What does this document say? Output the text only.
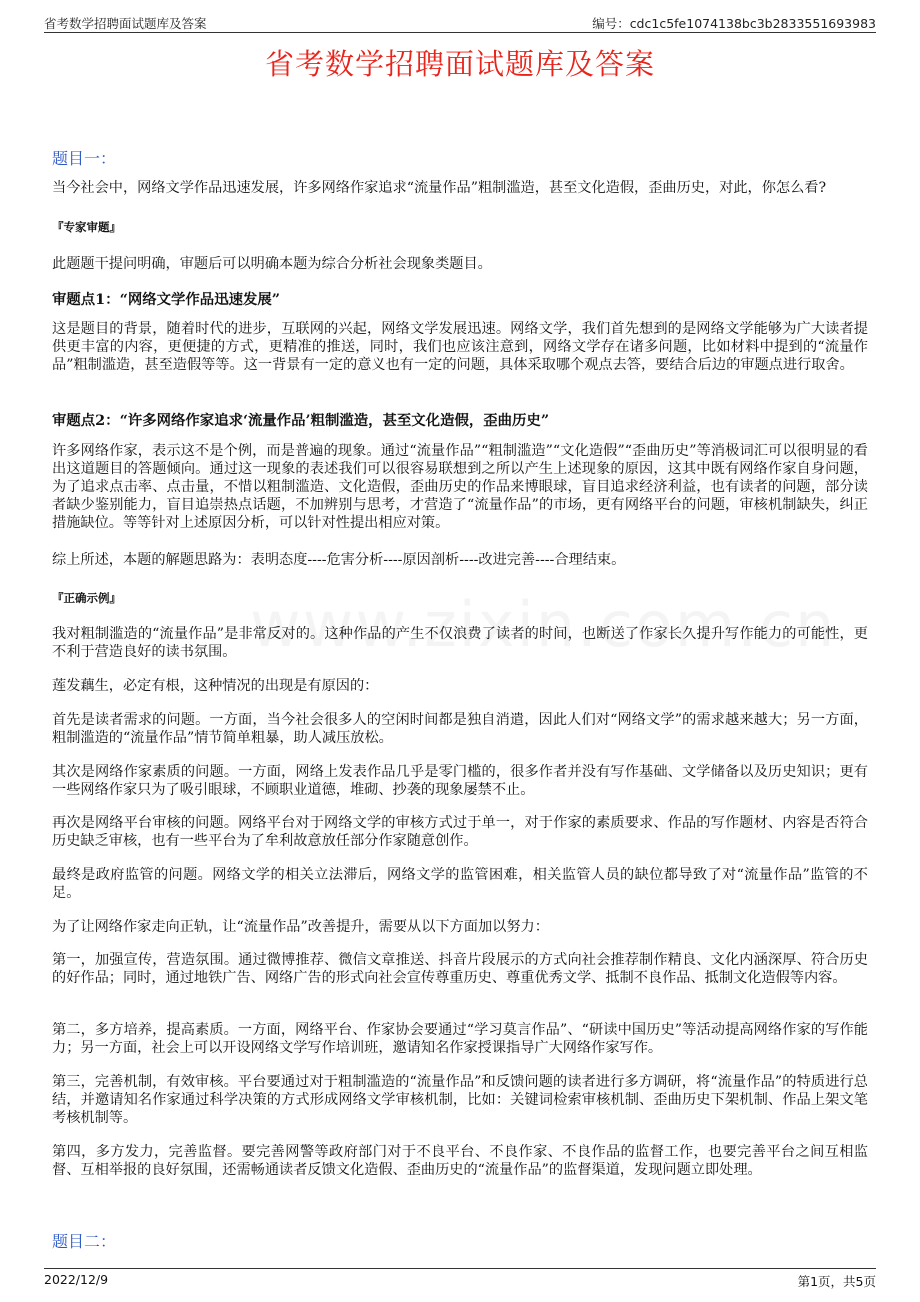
省考数学招聘面试题库及答案	编号：cdc1c5fe1074138bc3b2833551693983
省考数学招聘面试题库及答案
题目一：
当今社会中，网络文学作品迅速发展，许多网络作家追求“流量作品”粗制滥造，甚至文化造假，歪曲历史，对此，你怎么看?
『专家审题』
此题题干提问明确，审题后可以明确本题为综合分析社会现象类题目。
审题点1：“网络文学作品迅速发展”
这是题目的背景，随着时代的进步，互联网的兴起，网络文学发展迅速。网络文学，我们首先想到的是网络文学能够为广大读者提供更丰富的内容，更便捷的方式，更精准的推送，同时，我们也应该注意到，网络文学存在诸多问题，比如材料中提到的“流量作品”粗制滥造，甚至造假等等。这一背景有一定的意义也有一定的问题，具体采取哪个观点去答，要结合后边的审题点进行取舍。
审题点2：“许多网络作家追求‘流量作品’粗制滥造，甚至文化造假，歪曲历史”
许多网络作家，表示这不是个例，而是普遍的现象。通过“流量作品”“粗制滥造”“文化造假”“歪曲历史”等消极词汇可以很明显的看出这道题目的答题倾向。通过这一现象的表述我们可以很容易联想到之所以产生上述现象的原因，这其中既有网络作家自身问题，为了追求点击率、点击量，不惜以粗制滥造、文化造假，歪曲历史的作品来博眼球，盲目追求经济利益，也有读者的问题，部分读者缺少鉴别能力，盲目追崇热点话题，不加辨别与思考，才营造了“流量作品”的市场，更有网络平台的问题，审核机制缺失，纠正措施缺位。等等针对上述原因分析，可以针对性提出相应对策。
综上所述，本题的解题思路为：表明态度----危害分析----原因剖析----改进完善----合理结束。
『正确示例』
我对粗制滥造的“流量作品”是非常反对的。这种作品的产生不仅浪费了读者的时间，也断送了作家长久提升写作能力的可能性，更不利于营造良好的读书氛围。
莲发藕生，必定有根，这种情况的出现是有原因的：
首先是读者需求的问题。一方面，当今社会很多人的空闲时间都是独自消遣，因此人们对“网络文学”的需求越来越大；另一方面，粗制滥造的“流量作品”情节简单粗暴，助人减压放松。
其次是网络作家素质的问题。一方面，网络上发表作品几乎是零门槛的，很多作者并没有写作基础、文学储备以及历史知识；更有一些网络作家只为了吸引眼球，不顾职业道德，堆砌、抄袭的现象屡禁不止。
再次是网络平台审核的问题。网络平台对于网络文学的审核方式过于单一，对于作家的素质要求、作品的写作题材、内容是否符合历史缺乏审核，也有一些平台为了牟利故意放任部分作家随意创作。
最终是政府监管的问题。网络文学的相关立法滞后，网络文学的监管困难，相关监管人员的缺位都导致了对“流量作品”监管的不足。
为了让网络作家走向正轨，让“流量作品”改善提升，需要从以下方面加以努力：
第一，加强宣传，营造氛围。通过微博推荐、微信文章推送、抖音片段展示的方式向社会推荐制作精良、文化内涵深厚、符合历史的好作品；同时，通过地铁广告、网络广告的形式向社会宣传尊重历史、尊重优秀文学、抵制不良作品、抵制文化造假等内容。
第二，多方培养，提高素质。一方面，网络平台、作家协会要通过“学习莫言作品”、“研读中国历史”等活动提高网络作家的写作能力；另一方面，社会上可以开设网络文学写作培训班，邀请知名作家授课指导广大网络作家写作。
第三，完善机制，有效审核。平台要通过对于粗制滥造的“流量作品”和反馈问题的读者进行多方调研，将“流量作品”的特质进行总结，并邀请知名作家通过科学决策的方式形成网络文学审核机制，比如：关键词检索审核机制、歪曲历史下架机制、作品上架文笔考核机制等。
第四，多方发力，完善监督。要完善网警等政府部门对于不良平台、不良作家、不良作品的监督工作，也要完善平台之间互相监督、互相举报的良好氛围，还需畅通读者反馈文化造假、歪曲历史的“流量作品”的监督渠道，发现问题立即处理。
题目二：
2022/12/9	第1页，共5页
